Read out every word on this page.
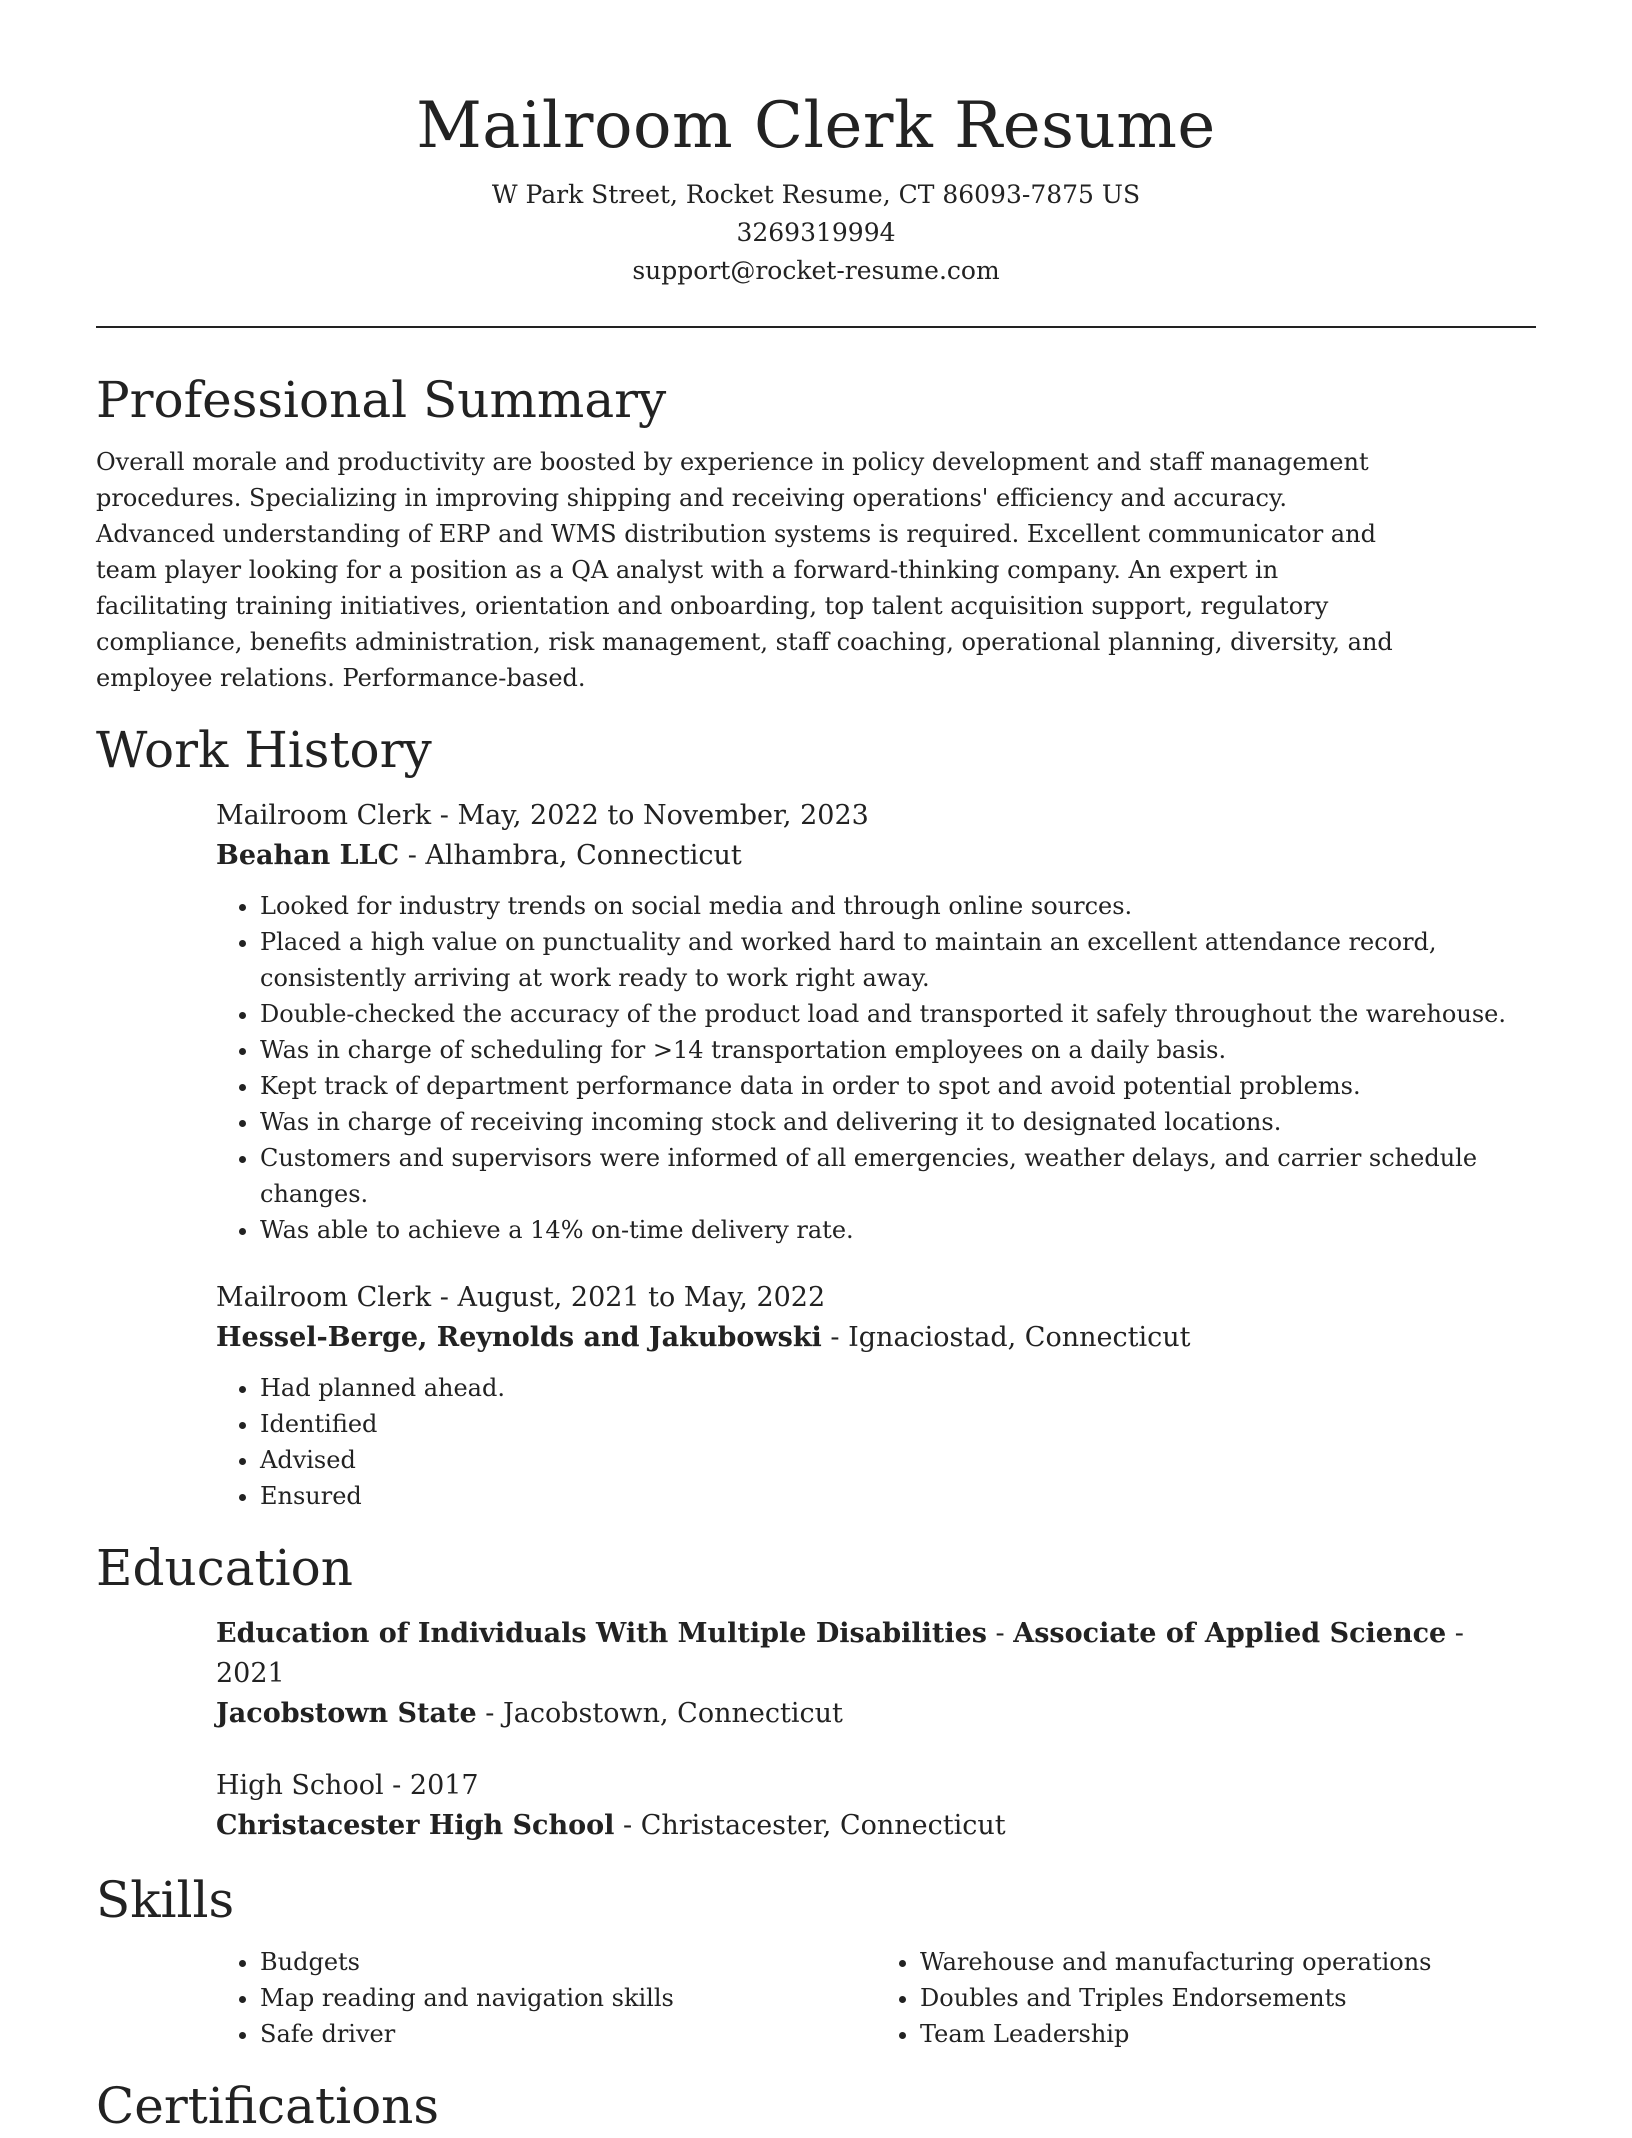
Mailroom Clerk Resume
W Park Street, Rocket Resume, CT 86093-7875 US
3269319994
support@rocket-resume.com
Professional Summary

Overall morale and productivity are boosted by experience in policy development and staff management procedures. Specializing in improving shipping and receiving operations' efficiency and accuracy. Advanced understanding of ERP and WMS distribution systems is required. Excellent communicator and team player looking for a position as a QA analyst with a forward-thinking company. An expert in facilitating training initiatives, orientation and onboarding, top talent acquisition support, regulatory compliance, benefits administration, risk management, staff coaching, operational planning, diversity, and employee relations. Performance-based.

Work History
Mailroom Clerk - May, 2022 to November, 2023
Beahan LLC - Alhambra, Connecticut
• Looked for industry trends on social media and through online sources.
• Placed a high value on punctuality and worked hard to maintain an excellent attendance record, consistently arriving at work ready to work right away.
• Double-checked the accuracy of the product load and transported it safely throughout the warehouse.
• Was in charge of scheduling for >14 transportation employees on a daily basis.
• Kept track of department performance data in order to spot and avoid potential problems.
• Was in charge of receiving incoming stock and delivering it to designated locations.
• Customers and supervisors were informed of all emergencies, weather delays, and carrier schedule changes.
• Was able to achieve a 14% on-time delivery rate.
Mailroom Clerk - August, 2021 to May, 2022
Hessel-Berge, Reynolds and Jakubowski - Ignaciostad, Connecticut
• Had planned ahead.
• Identified
• Advised
• Ensured
Education
Education of Individuals With Multiple Disabilities - Associate of Applied Science - 2021
Jacobstown State - Jacobstown, Connecticut
High School - 2017
Christacester High School - Christacester, Connecticut
Skills
• Budgets
• Map reading and navigation skills
• Safe driver
• Warehouse and manufacturing operations
• Doubles and Triples Endorsements
• Team Leadership
Certifications
